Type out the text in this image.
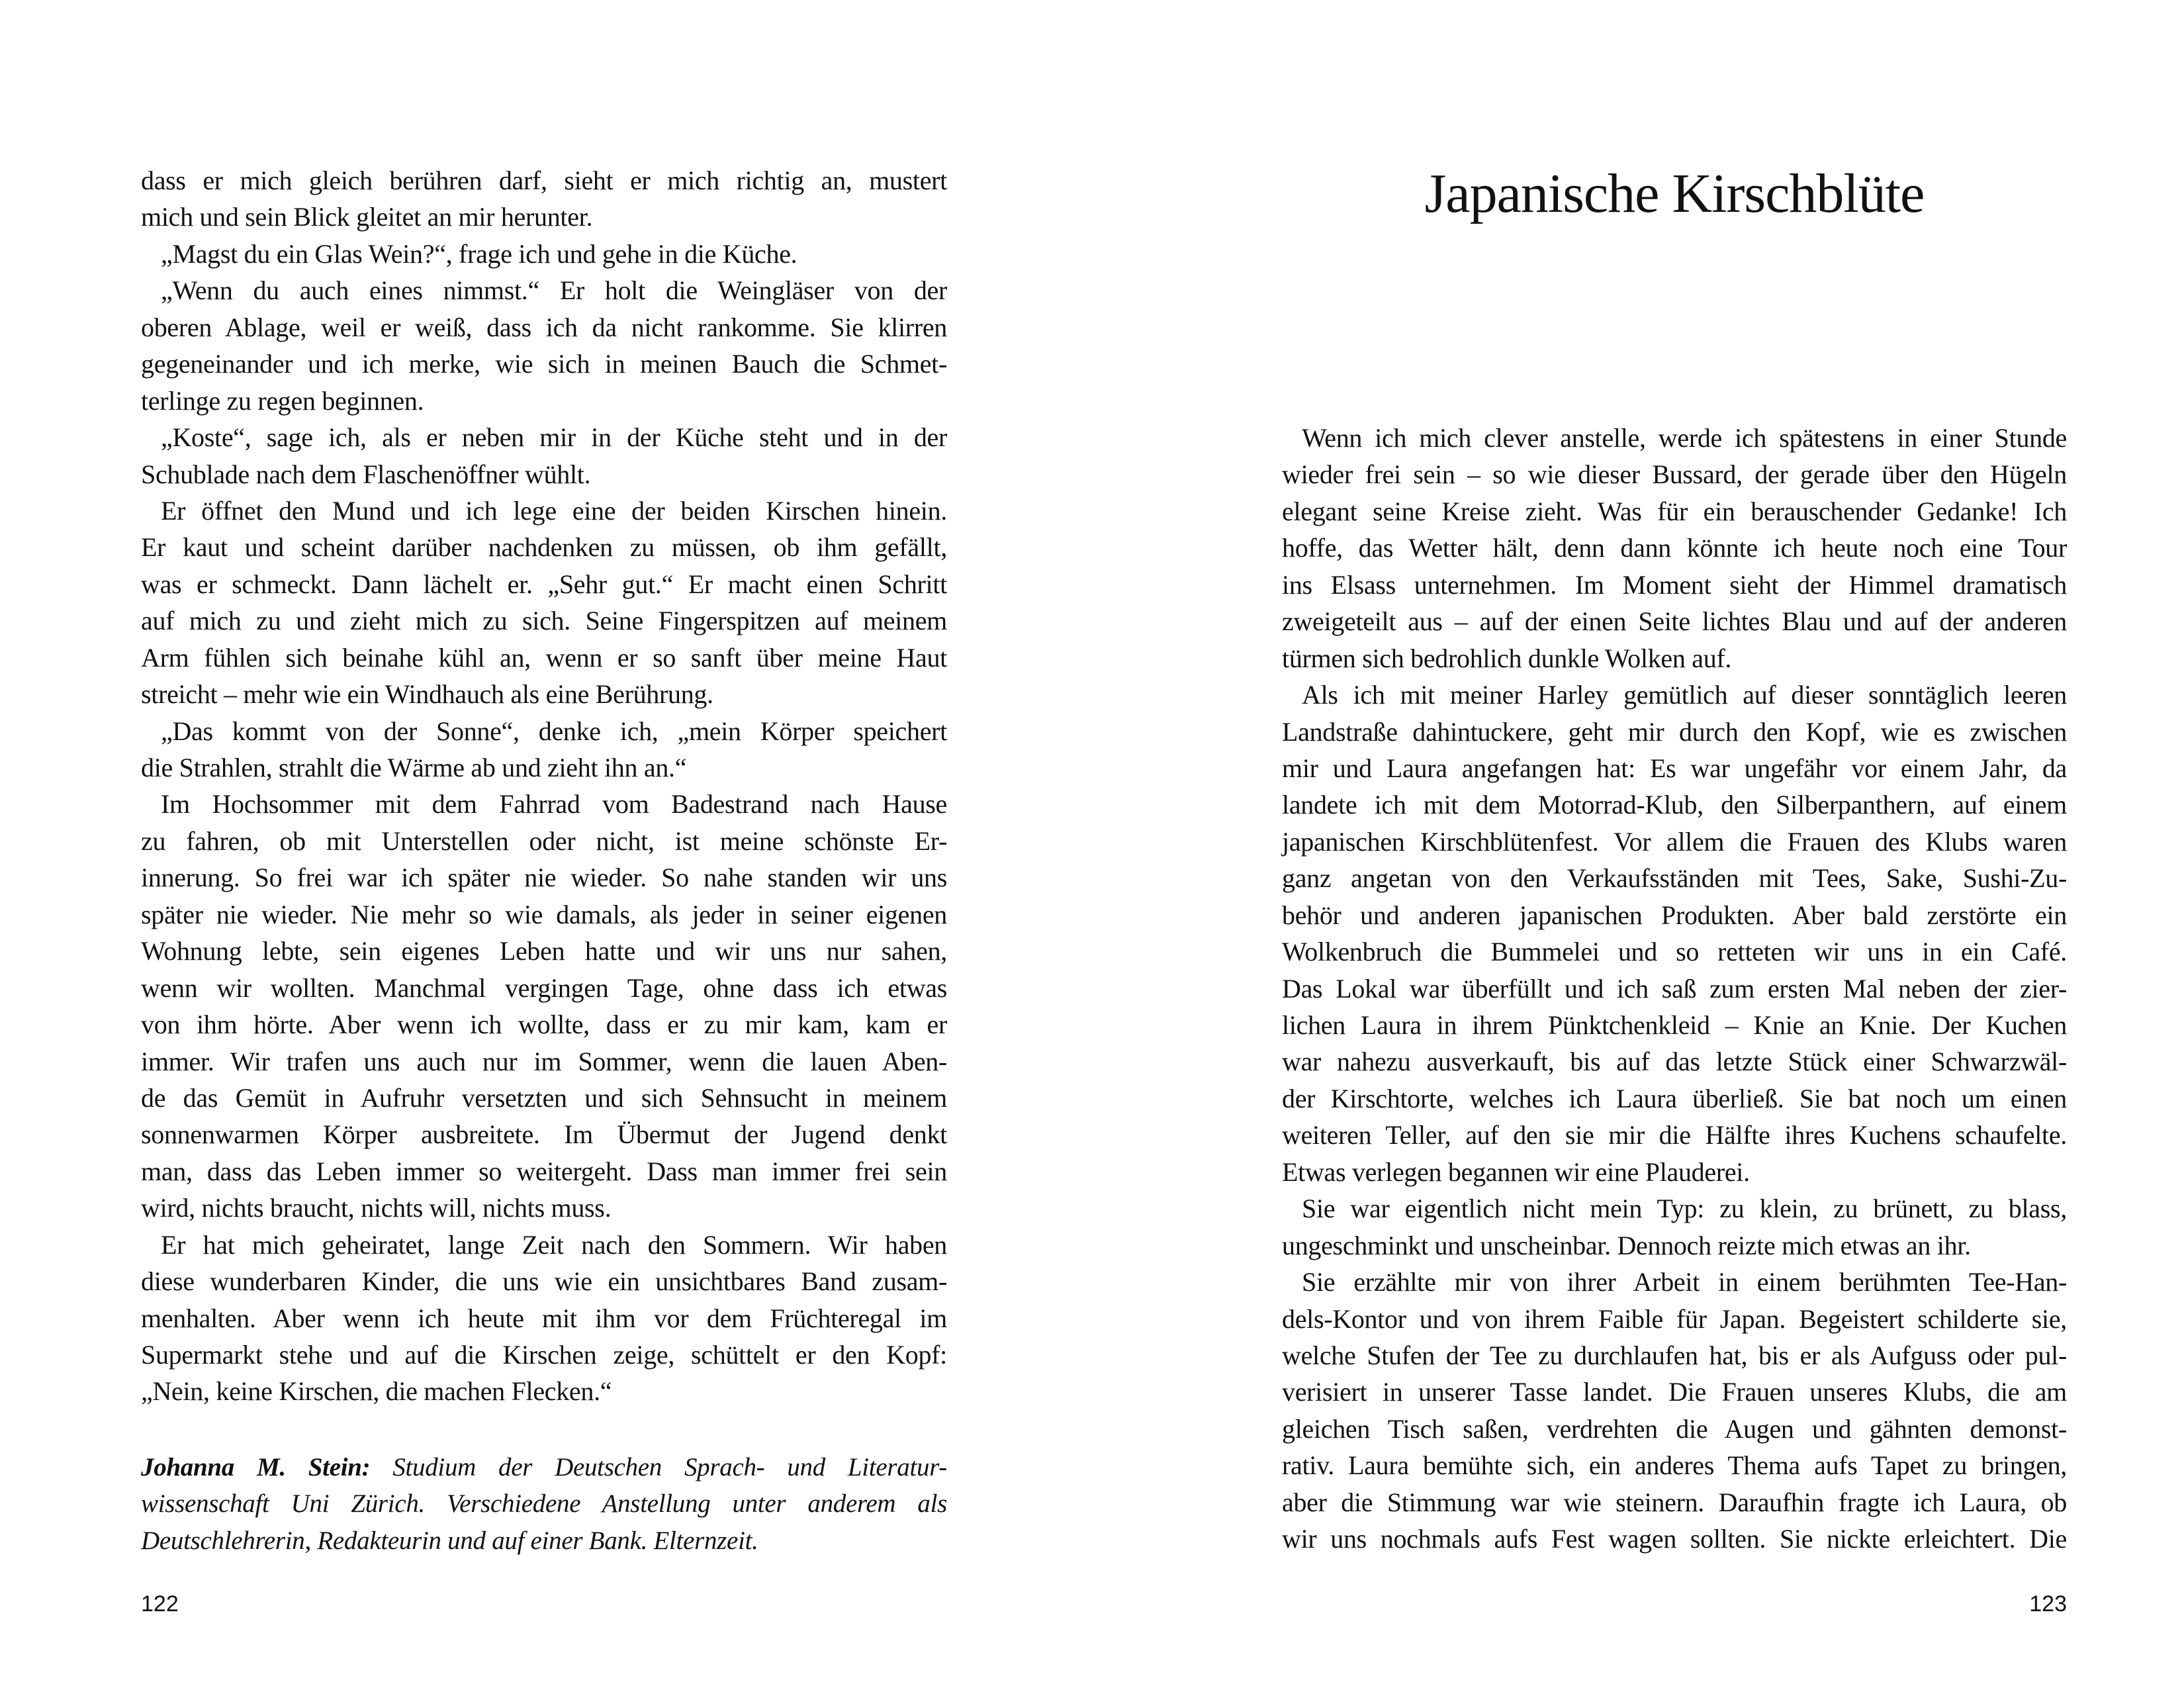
dass er mich gleich berühren darf, sieht er mich richtig an, mustert
mich und sein Blick gleitet an mir herunter.
„Magst du ein Glas Wein?“, frage ich und gehe in die Küche.
„Wenn du auch eines nimmst.“ Er holt die Weingläser von der
oberen Ablage, weil er weiß, dass ich da nicht rankomme. Sie klirren
gegeneinander und ich merke, wie sich in meinen Bauch die Schmet-
terlinge zu regen beginnen.
„Koste“, sage ich, als er neben mir in der Küche steht und in der
Schublade nach dem Flaschenöffner wühlt.
Er öffnet den Mund und ich lege eine der beiden Kirschen hinein.
Er kaut und scheint darüber nachdenken zu müssen, ob ihm gefällt,
was er schmeckt. Dann lächelt er. „Sehr gut.“ Er macht einen Schritt
auf mich zu und zieht mich zu sich. Seine Fingerspitzen auf meinem
Arm fühlen sich beinahe kühl an, wenn er so sanft über meine Haut
streicht – mehr wie ein Windhauch als eine Berührung.
„Das kommt von der Sonne“, denke ich, „mein Körper speichert
die Strahlen, strahlt die Wärme ab und zieht ihn an.“
Im Hochsommer mit dem Fahrrad vom Badestrand nach Hause
zu fahren, ob mit Unterstellen oder nicht, ist meine schönste Er-
innerung. So frei war ich später nie wieder. So nahe standen wir uns
später nie wieder. Nie mehr so wie damals, als jeder in seiner eigenen
Wohnung lebte, sein eigenes Leben hatte und wir uns nur sahen,
wenn wir wollten. Manchmal vergingen Tage, ohne dass ich etwas
von ihm hörte. Aber wenn ich wollte, dass er zu mir kam, kam er
immer. Wir trafen uns auch nur im Sommer, wenn die lauen Aben-
de das Gemüt in Aufruhr versetzten und sich Sehnsucht in meinem
sonnenwarmen Körper ausbreitete. Im Übermut der Jugend denkt
man, dass das Leben immer so weitergeht. Dass man immer frei sein
wird, nichts braucht, nichts will, nichts muss.
Er hat mich geheiratet, lange Zeit nach den Sommern. Wir haben
diese wunderbaren Kinder, die uns wie ein unsichtbares Band zusam-
menhalten. Aber wenn ich heute mit ihm vor dem Früchteregal im
Supermarkt stehe und auf die Kirschen zeige, schüttelt er den Kopf:
„Nein, keine Kirschen, die machen Flecken.“
Johanna M. Stein: Studium der Deutschen Sprach- und Literatur-
wissenschaft Uni Zürich. Verschiedene Anstellung unter anderem als
Deutschlehrerin, Redakteurin und auf einer Bank. Elternzeit.
122
Japanische Kirschblüte
Wenn ich mich clever anstelle, werde ich spätestens in einer Stunde
wieder frei sein – so wie dieser Bussard, der gerade über den Hügeln
elegant seine Kreise zieht. Was für ein berauschender Gedanke! Ich
hoffe, das Wetter hält, denn dann könnte ich heute noch eine Tour
ins Elsass unternehmen. Im Moment sieht der Himmel dramatisch
zweigeteilt aus – auf der einen Seite lichtes Blau und auf der anderen
türmen sich bedrohlich dunkle Wolken auf.
Als ich mit meiner Harley gemütlich auf dieser sonntäglich leeren
Landstraße dahintuckere, geht mir durch den Kopf, wie es zwischen
mir und Laura angefangen hat: Es war ungefähr vor einem Jahr, da
landete ich mit dem Motorrad-Klub, den Silberpanthern, auf einem
japanischen Kirschblütenfest. Vor allem die Frauen des Klubs waren
ganz angetan von den Verkaufsständen mit Tees, Sake, Sushi-Zu-
behör und anderen japanischen Produkten. Aber bald zerstörte ein
Wolkenbruch die Bummelei und so retteten wir uns in ein Café.
Das Lokal war überfüllt und ich saß zum ersten Mal neben der zier-
lichen Laura in ihrem Pünktchenkleid – Knie an Knie. Der Kuchen
war nahezu ausverkauft, bis auf das letzte Stück einer Schwarzwäl-
der Kirschtorte, welches ich Laura überließ. Sie bat noch um einen
weiteren Teller, auf den sie mir die Hälfte ihres Kuchens schaufelte.
Etwas verlegen begannen wir eine Plauderei.
Sie war eigentlich nicht mein Typ: zu klein, zu brünett, zu blass,
ungeschminkt und unscheinbar. Dennoch reizte mich etwas an ihr.
Sie erzählte mir von ihrer Arbeit in einem berühmten Tee-Han-
dels-Kontor und von ihrem Faible für Japan. Begeistert schilderte sie,
welche Stufen der Tee zu durchlaufen hat, bis er als Aufguss oder pul-
verisiert in unserer Tasse landet. Die Frauen unseres Klubs, die am
gleichen Tisch saßen, verdrehten die Augen und gähnten demonst-
rativ. Laura bemühte sich, ein anderes Thema aufs Tapet zu bringen,
aber die Stimmung war wie steinern. Daraufhin fragte ich Laura, ob
wir uns nochmals aufs Fest wagen sollten. Sie nickte erleichtert. Die
123
